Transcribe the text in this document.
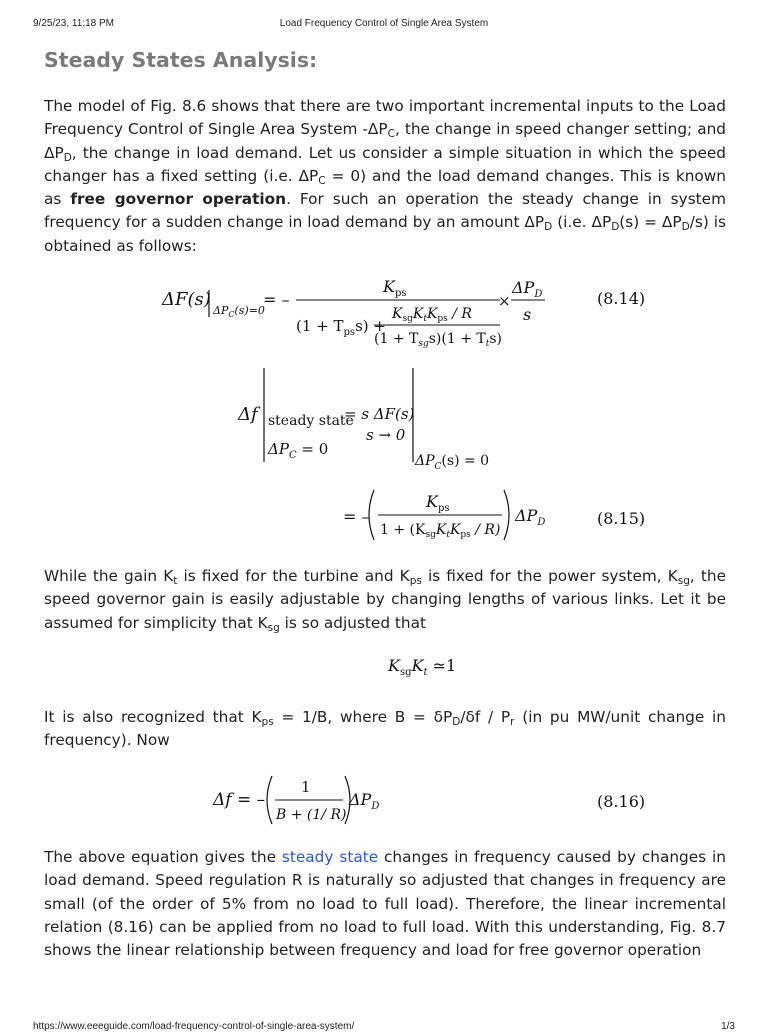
9/25/23, 11:18 PM	Load Frequency Control of Single Area System
Steady States Analysis:

The model of Fig. 8.6 shows that there are two important incremental inputs to the Load Frequency Control of Single Area System $-\Delta P_C$, the change in speed changer setting; and $\Delta P_D$, the change in load demand. Let us consider a simple situation in which the speed changer has a fixed setting (i.e. $\Delta P_C = 0$) and the load demand changes. This is known as free governor operation. For such an operation the steady change in system frequency for a sudden change in load demand by an amount $\Delta P_D$ (i.e. $\Delta P_D(s) = \Delta P_D/s$) is obtained as follows:

ΔF(s)
$\Delta P_C(s)=0$
= –
$K_{ps}$
$(1 + T_{ps}s)$ +
$K_{sg}K_tK_{ps}$ / R
$(1 + T_{sg}s)(1 + T_ts)$
×
$\Delta P_D$
s
(8.14)
Δf steady state
$\Delta P_C = 0$
= s ΔF(s)
s → 0
$\Delta P_C(s) = 0$
= –
$K_{ps}$
$1 + (K_{sg}K_tK_{ps} / R)$
$\Delta P_D$	(8.15)
$K_{sg}K_t$ ≃1
Δf = –
1
B + (1/ R)
$\Delta P_D$	(8.16)

While the gain $K_t$ is fixed for the turbine and $K_{ps}$ is fixed for the power system, $K_{sg}$, the speed governor gain is easily adjustable by changing lengths of various links. Let it be assumed for simplicity that $K_{sg}$ is so adjusted that

It is also recognized that $K_{ps} = 1/B$, where $B = \delta P_D/\delta f / P_r$ (in pu MW/unit change in frequency). Now

The above equation gives the steady state changes in frequency caused by changes in load demand. Speed regulation R is naturally so adjusted that changes in frequency are small (of the order of 5% from no load to full load). Therefore, the linear incremental relation (8.16) can be applied from no load to full load. With this understanding, Fig. 8.7 shows the linear relationship between frequency and load for free governor operation

https://www.eeeguide.com/load-frequency-control-of-single-area-system/	1/3
